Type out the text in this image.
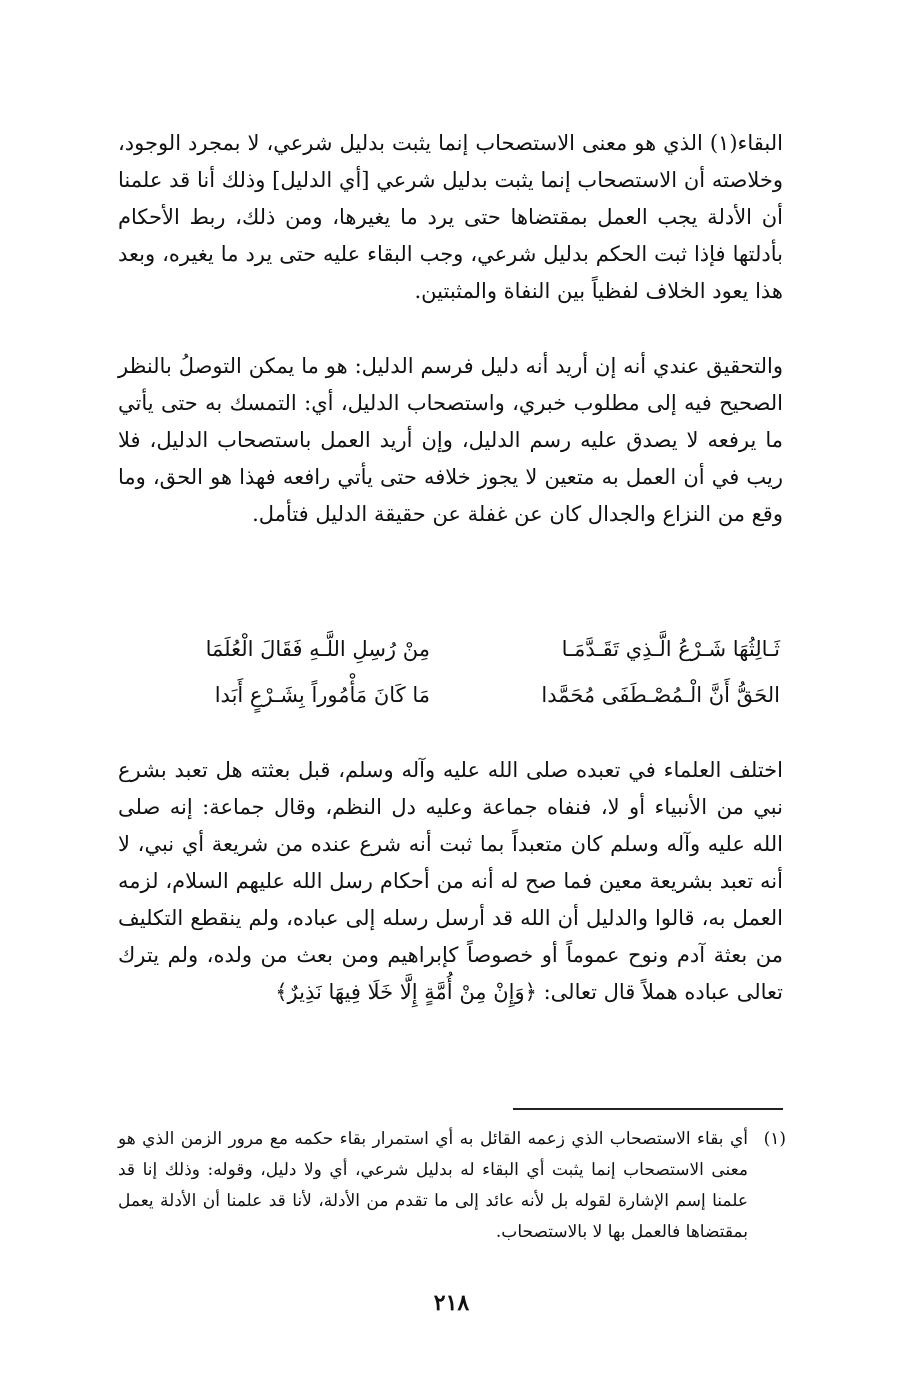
البقاء(١) الذي هو معنى الاستصحاب إنما يثبت بدليل شرعي، لا بمجرد الوجود، وخلاصته أن الاستصحاب إنما يثبت بدليل شرعي [أي الدليل] وذلك أنا قد علمنا أن الأدلة يجب العمل بمقتضاها حتى يرد ما يغيرها، ومن ذلك، ربط الأحكام بأدلتها فإذا ثبت الحكم بدليل شرعي، وجب البقاء عليه حتى يرد ما يغيره، وبعد هذا يعود الخلاف لفظياً بين النفاة والمثبتين.

والتحقيق عندي أنه إن أريد أنه دليل فرسم الدليل: هو ما يمكن التوصلُ بالنظر الصحيح فيه إلى مطلوب خبري، واستصحاب الدليل، أي: التمسك به حتى يأتي ما يرفعه لا يصدق عليه رسم الدليل، وإن أريد العمل باستصحاب الدليل، فلا ريب في أن العمل به متعين لا يجوز خلافه حتى يأتي رافعه فهذا هو الحق، وما وقع من النزاع والجدال كان عن غفلة عن حقيقة الدليل فتأمل.

ثَـالِثُهَا شَـرْعُ الَّـذِي تَقَـدَّمَـا
مِنْ رُسِلِ اللَّـهِ فَقَالَ الْعُلَمَا
الحَقُّ أَنَّ الْـمُصْـطَفَى مُحَمَّدا
مَا كَانَ مَأْمُوراً بِشَـرْعٍ أَبَدا

اختلف العلماء في تعبده صلى الله عليه وآله وسلم، قبل بعثته هل تعبد بشرع نبي من الأنبياء أو لا، فنفاه جماعة وعليه دل النظم، وقال جماعة: إنه صلى الله عليه وآله وسلم كان متعبداً بما ثبت أنه شرع عنده من شريعة أي نبي، لا أنه تعبد بشريعة معين فما صح له أنه من أحكام رسل الله عليهم السلام، لزمه العمل به، قالوا والدليل أن الله قد أرسل رسله إلى عباده، ولم ينقطع التكليف من بعثة آدم ونوح عموماً أو خصوصاً كإبراهيم ومن بعث من ولده، ولم يترك تعالى عباده هملاً قال تعالى: ﴿وَإِنْ مِنْ أُمَّةٍ إِلَّا خَلَا فِيهَا نَذِيرٌ﴾

(١)
أي بقاء الاستصحاب الذي زعمه القائل به أي استمرار بقاء حكمه مع مرور الزمن الذي هو معنى الاستصحاب إنما يثبت أي البقاء له بدليل شرعي، أي ولا دليل، وقوله: وذلك إنا قد علمنا إسم الإشارة لقوله بل لأنه عائد إلى ما تقدم من الأدلة، لأنا قد علمنا أن الأدلة يعمل بمقتضاها فالعمل بها لا بالاستصحاب.
٢١٨
